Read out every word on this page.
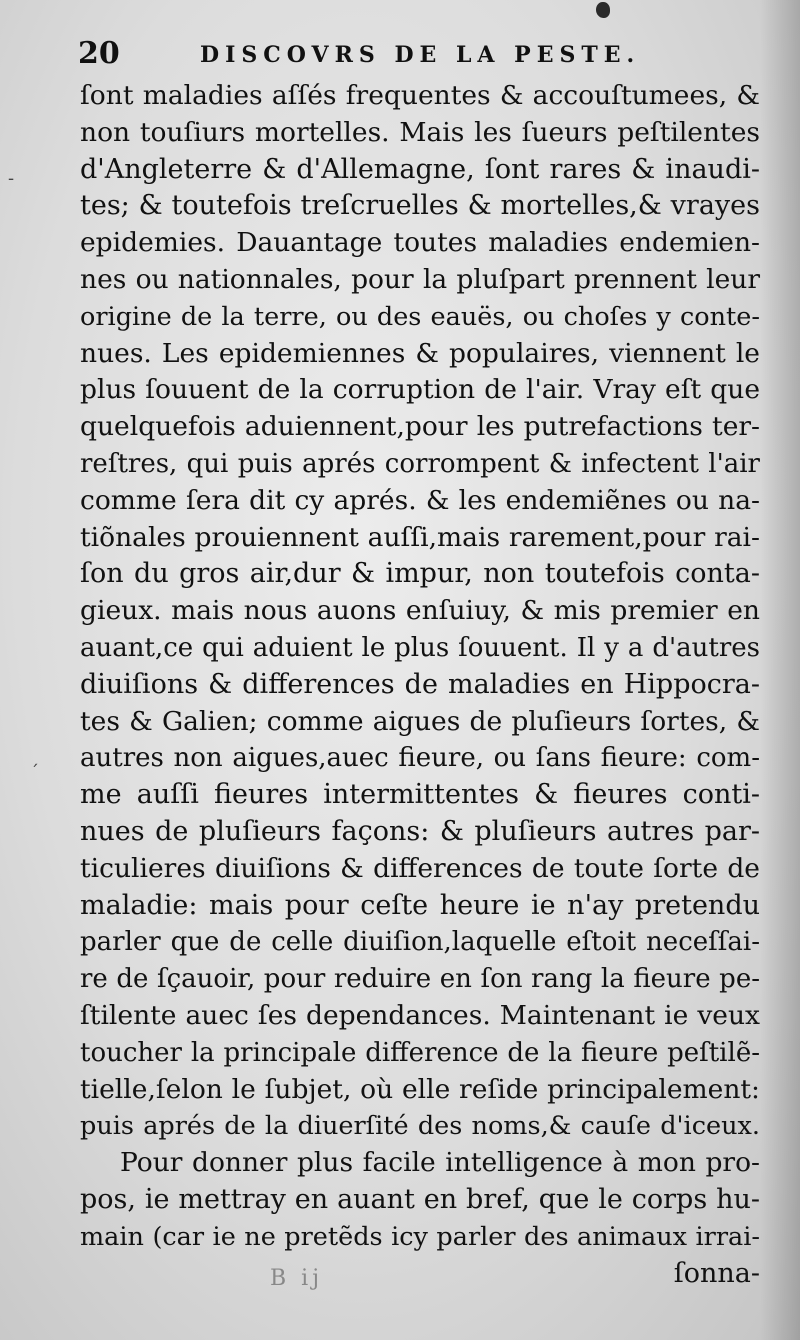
-
ˊ
20	DISCOVRS DE LA PESTE.
ſont maladies aſſés frequentes & accouſtumees, &
non touſiurs mortelles. Mais les ſueurs peſtilentes
d'Angleterre & d'Allemagne, ſont rares & inaudi-
tes; & toutefois treſcruelles & mortelles,& vrayes
epidemies. Dauantage toutes maladies endemien-
nes ou nationnales, pour la pluſpart prennent leur
origine de la terre, ou des eauës, ou choſes y conte-
nues. Les epidemiennes & populaires, viennent le
plus ſouuent de la corruption de l'air. Vray eſt que
quelquefois aduiennent,pour les putrefactions ter-
reſtres, qui puis aprés corrompent & infectent l'air
comme ſera dit cy aprés. & les endemiẽnes ou na-
tiõnales prouiennent auſſi,mais rarement,pour rai-
ſon du gros air,dur & impur, non toutefois conta-
gieux. mais nous auons enſuiuy, & mis premier en
auant,ce qui aduient le plus ſouuent. Il y a d'autres
diuiſions & differences de maladies en Hippocra-
tes & Galien; comme aigues de pluſieurs ſortes, &
autres non aigues,auec fieure, ou ſans fieure: com-
me auſſi fieures intermittentes & fieures conti-
nues de pluſieurs façons: & pluſieurs autres par-
ticulieres diuiſions & differences de toute ſorte de
maladie: mais pour ceſte heure ie n'ay pretendu
parler que de celle diuiſion,laquelle eſtoit neceſſai-
re de ſçauoir, pour reduire en ſon rang la fieure pe-
ſtilente auec ſes dependances. Maintenant ie veux
toucher la principale difference de la fieure peſtilẽ-
tielle,ſelon le ſubjet, où elle reſide principalement:
puis aprés de la diuerſité des noms,& cauſe d'iceux.
Pour donner plus facile intelligence à mon pro-
pos, ie mettray en auant en bref, que le corps hu-
main (car ie ne pretẽds icy parler des animaux irrai-
ſonna-
B ij
